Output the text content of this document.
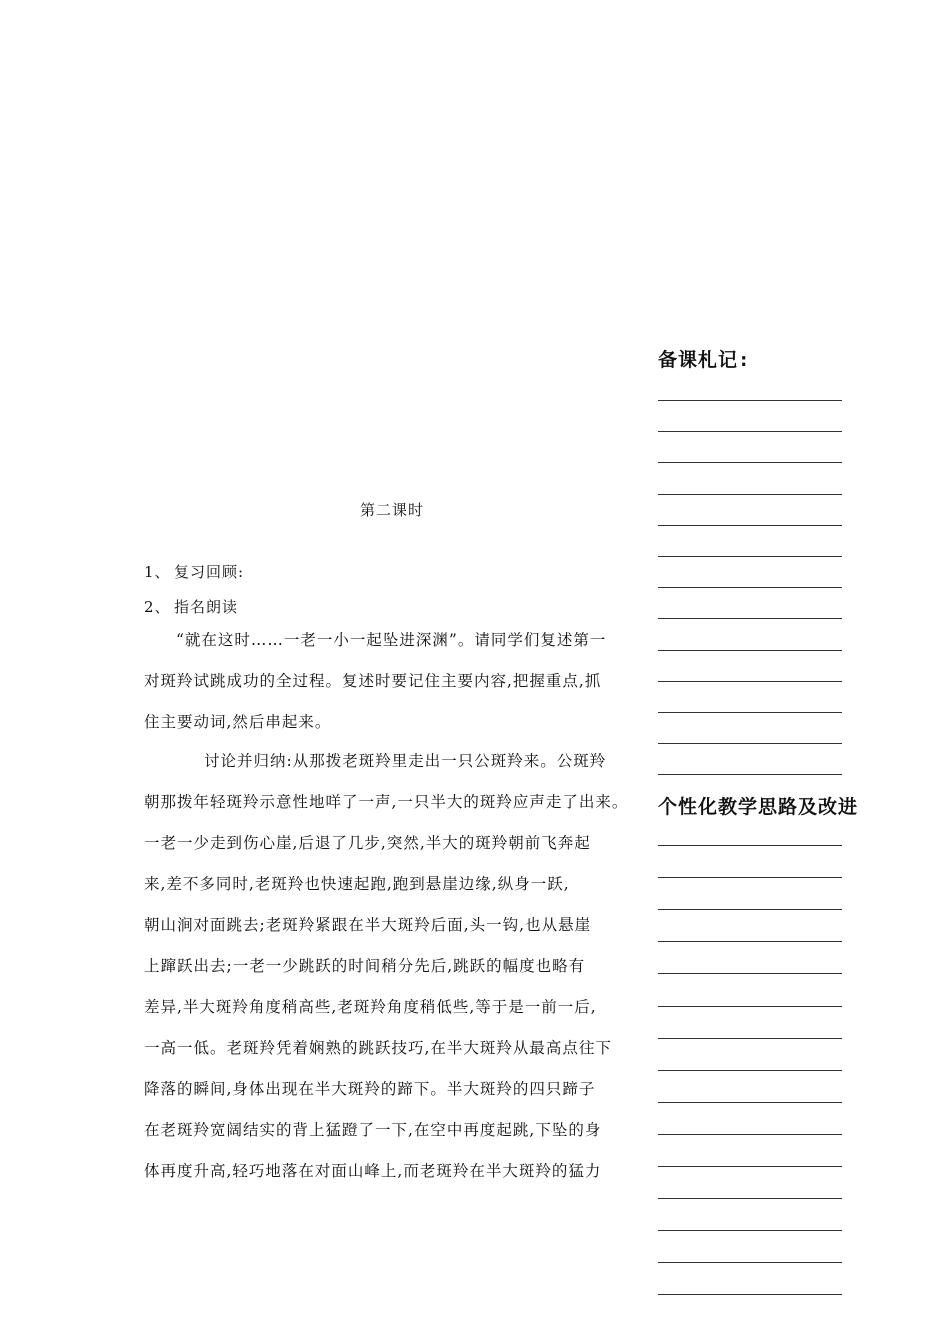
第二课时

1、 复习回顾:

2、 指名朗读

“就在这时……一老一小一起坠进深渊”。请同学们复述第一
对斑羚试跳成功的全过程。复述时要记住主要内容,把握重点,抓
住主要动词,然后串起来。
讨论并归纳:从那拨老斑羚里走出一只公斑羚来。公斑羚
朝那拨年轻斑羚示意性地咩了一声,一只半大的斑羚应声走了出来。
一老一少走到伤心崖,后退了几步,突然,半大的斑羚朝前飞奔起
来,差不多同时,老斑羚也快速起跑,跑到悬崖边缘,纵身一跃,
朝山涧对面跳去;老斑羚紧跟在半大斑羚后面,头一钩,也从悬崖
上蹿跃出去;一老一少跳跃的时间稍分先后,跳跃的幅度也略有
差异,半大斑羚角度稍高些,老斑羚角度稍低些,等于是一前一后,
一高一低。老斑羚凭着娴熟的跳跃技巧,在半大斑羚从最高点往下
降落的瞬间,身体出现在半大斑羚的蹄下。半大斑羚的四只蹄子
在老斑羚宽阔结实的背上猛蹬了一下,在空中再度起跳,下坠的身
体再度升高,轻巧地落在对面山峰上,而老斑羚在半大斑羚的猛力
备课札记:
个性化教学思路及改进
